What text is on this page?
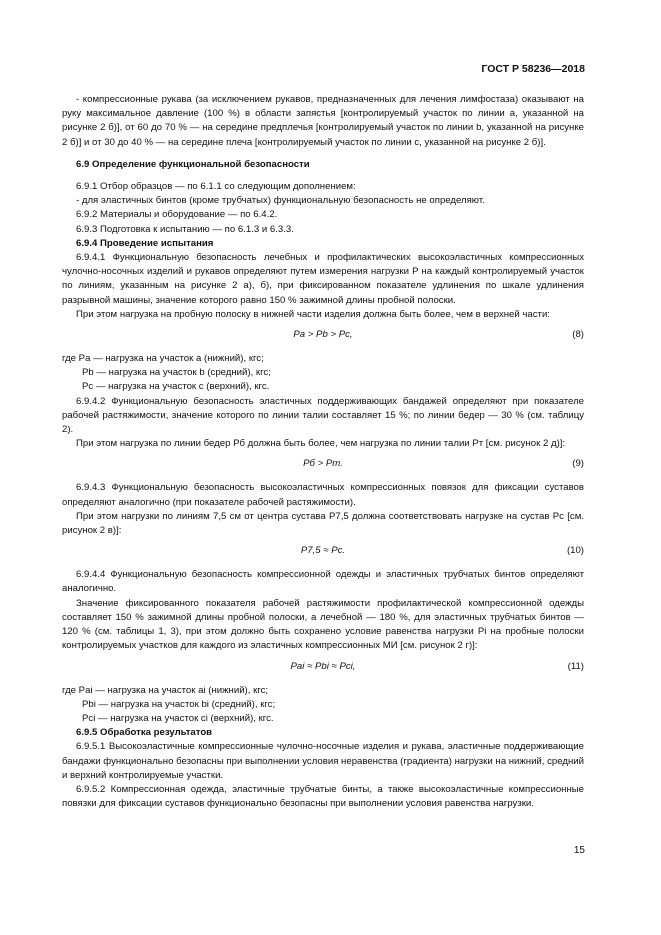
ГОСТ Р 58236—2018

- компрессионные рукава (за исключением рукавов, предназначенных для лечения лимфостаза) оказывают на руку максимальное давление (100 %) в области запястья [контролируемый участок по линии a, указанной на рисунке 2 б)], от 60 до 70 % — на середине предплечья [контролируемый участок по линии b, указанной на рисунке 2 б)] и от 30 до 40 % — на середине плеча [контролируемый участок по линии c, указанной на рисунке 2 б)].

6.9 Определение функциональной безопасности

6.9.1 Отбор образцов — по 6.1.1 со следующим дополнением:

- для эластичных бинтов (кроме трубчатых) функциональную безопасность не определяют.

6.9.2 Материалы и оборудование — по 6.4.2.

6.9.3 Подготовка к испытанию — по 6.1.3 и 6.3.3.

6.9.4 Проведение испытания

6.9.4.1 Функциональную безопасность лечебных и профилактических высокоэластичных компрессионных чулочно-носочных изделий и рукавов определяют путем измерения нагрузки P на каждый контролируемый участок по линиям, указанным на рисунке 2 а), б), при фиксированном показателе удлинения по шкале удлинения разрывной машины, значение которого равно 150 % зажимной длины пробной полоски.

При этом нагрузка на пробную полоску в нижней части изделия должна быть более, чем в верхней части:

Pa > Pb > Pc,	(8)
где Pa — нагрузка на участок a (нижний), кгс;
Pb — нагрузка на участок b (средний), кгс;
Pc — нагрузка на участок c (верхний), кгс.

6.9.4.2 Функциональную безопасность эластичных поддерживающих бандажей определяют при показателе рабочей растяжимости, значение которого по линии талии составляет 15 %; по линии бедер — 30 % (см. таблицу 2).

При этом нагрузка по линии бедер Pб должна быть более, чем нагрузка по линии талии Pт [см. рисунок 2 д)]:

Pб > Pт.	(9)

6.9.4.3 Функциональную безопасность высокоэластичных компрессионных повязок для фиксации суставов определяют аналогично (при показателе рабочей растяжимости).

При этом нагрузки по линиям 7,5 см от центра сустава P7,5 должна соответствовать нагрузке на сустав Pc [см. рисунок 2 в)]:

P7,5 ≈ Pc.	(10)

6.9.4.4 Функциональную безопасность компрессионной одежды и эластичных трубчатых бинтов определяют аналогично.

Значение фиксированного показателя рабочей растяжимости профилактической компрессионной одежды составляет 150 % зажимной длины пробной полоски, а лечебной — 180 %, для эластичных трубчатых бинтов — 120 % (см. таблицы 1, 3), при этом должно быть сохранено условие равенства нагрузки Pi на пробные полоски контролируемых участков для каждого из эластичных компрессионных МИ [см. рисунок 2 г)]:

Pai ≈ Pbi ≈ Pci,	(11)
где Pai — нагрузка на участок ai (нижний), кгс;
Pbi — нагрузка на участок bi (средний), кгс;
Pci — нагрузка на участок ci (верхний), кгс.

6.9.5 Обработка результатов

6.9.5.1 Высокоэластичные компрессионные чулочно-носочные изделия и рукава, эластичные поддерживающие бандажи функционально безопасны при выполнении условия неравенства (градиента) нагрузки на нижний, средний и верхний контролируемые участки.

6.9.5.2 Компрессионная одежда, эластичные трубчатые бинты, а также высокоэластичные компрессионные повязки для фиксации суставов функционально безопасны при выполнении условия равенства нагрузки.

15
